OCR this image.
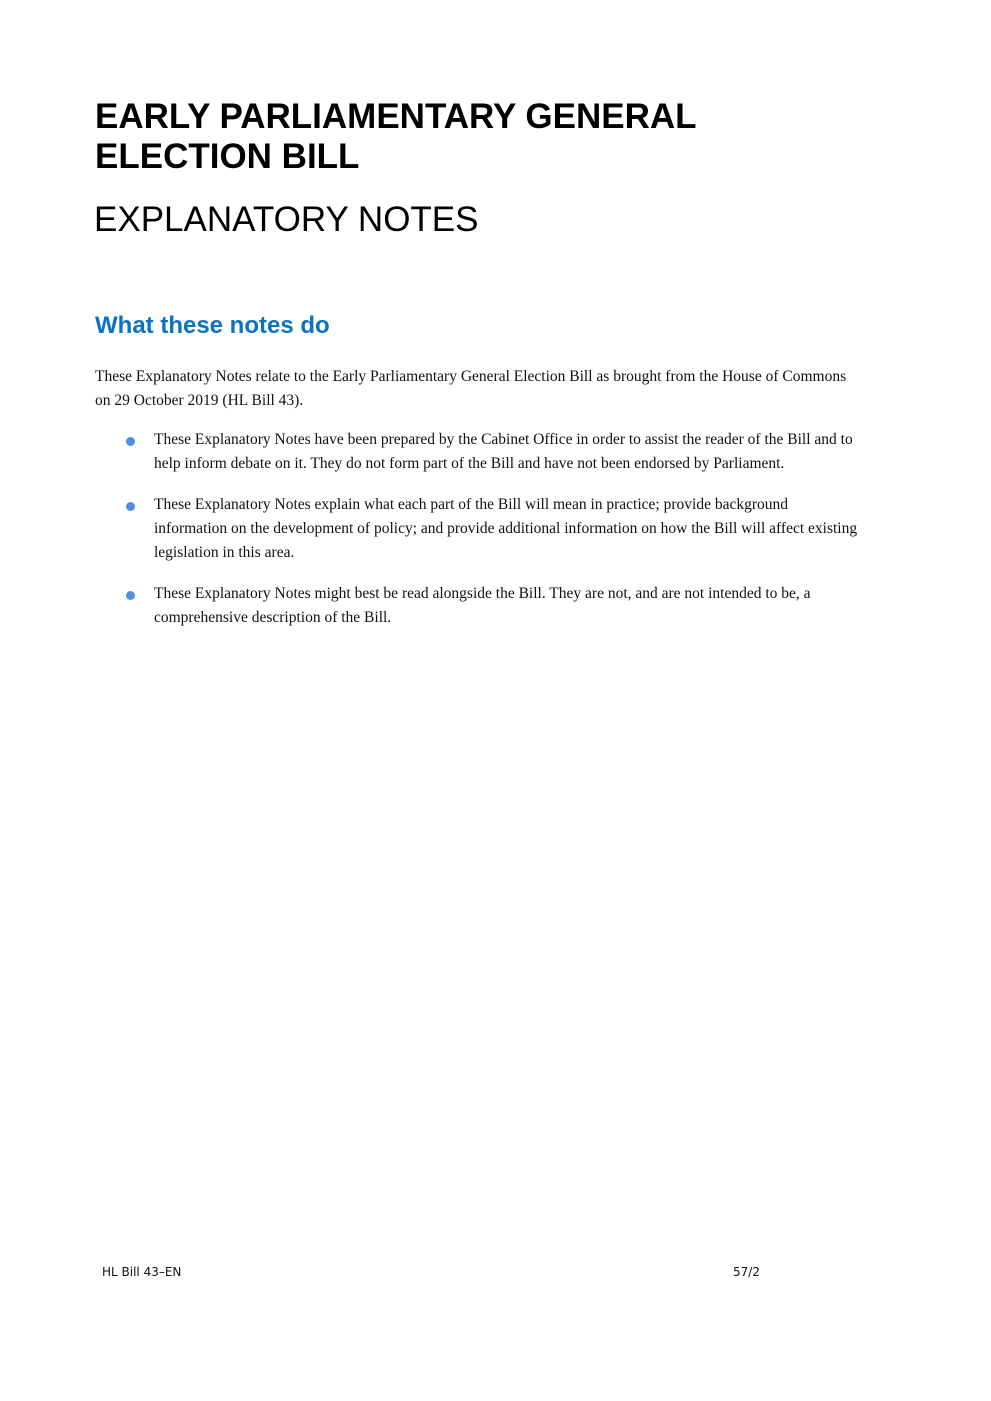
EARLY PARLIAMENTARY GENERAL ELECTION BILL
EXPLANATORY NOTES
What these notes do

These Explanatory Notes relate to the Early Parliamentary General Election Bill as brought from the House of Commons on 29 October 2019 (HL Bill 43).

These Explanatory Notes have been prepared by the Cabinet Office in order to assist the reader of the Bill and to help inform debate on it. They do not form part of the Bill and have not been endorsed by Parliament.
These Explanatory Notes explain what each part of the Bill will mean in practice; provide background information on the development of policy; and provide additional information on how the Bill will affect existing legislation in this area.
These Explanatory Notes might best be read alongside the Bill. They are not, and are not intended to be, a comprehensive description of the Bill.
HL Bill 43–EN	57/2
